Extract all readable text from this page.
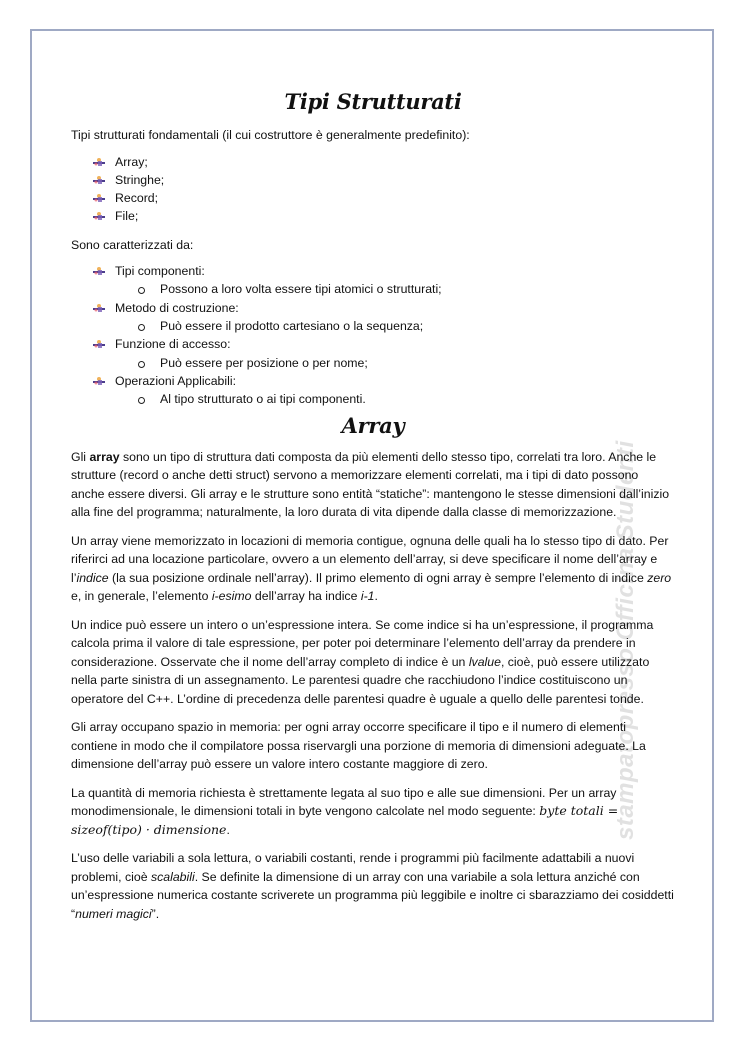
stampatopresso Officina Studenti
Tipi Strutturati

Tipi strutturati fondamentali (il cui costruttore è generalmente predefinito):

Array;
Stringhe;
Record;
File;

Sono caratterizzati da:

Tipi componenti:
Possono a loro volta essere tipi atomici o strutturati;
Metodo di costruzione:
Può essere il prodotto cartesiano o la sequenza;
Funzione di accesso:
Può essere per posizione o per nome;
Operazioni Applicabili:
Al tipo strutturato o ai tipi componenti.
Array

Gli array sono un tipo di struttura dati composta da più elementi dello stesso tipo, correlati tra loro. Anche le strutture (record o anche detti struct) servono a memorizzare elementi correlati, ma i tipi di dato possono anche essere diversi. Gli array e le strutture sono entità “statiche”: mantengono le stesse dimensioni dall’inizio alla fine del programma; naturalmente, la loro durata di vita dipende dalla classe di memorizzazione.

Un array viene memorizzato in locazioni di memoria contigue, ognuna delle quali ha lo stesso tipo di dato. Per riferirci ad una locazione particolare, ovvero a un elemento dell’array, si deve specificare il nome dell’array e l’indice (la sua posizione ordinale nell’array). Il primo elemento di ogni array è sempre l’elemento di indice zero e, in generale, l’elemento i-esimo dell’array ha indice i-1.

Un indice può essere un intero o un’espressione intera. Se come indice si ha un’espressione, il programma calcola prima il valore di tale espressione, per poter poi determinare l’elemento dell’array da prendere in considerazione. Osservate che il nome dell’array completo di indice è un lvalue, cioè, può essere utilizzato nella parte sinistra di un assegnamento. Le parentesi quadre che racchiudono l’indice costituiscono un operatore del C++. L’ordine di precedenza delle parentesi quadre è uguale a quello delle parentesi tonde.

Gli array occupano spazio in memoria: per ogni array occorre specificare il tipo e il numero di elementi contiene in modo che il compilatore possa riservargli una porzione di memoria di dimensioni adeguate. La dimensione dell’array può essere un valore intero costante maggiore di zero.

La quantità di memoria richiesta è strettamente legata al suo tipo e alle sue dimensioni. Per un array monodimensionale, le dimensioni totali in byte vengono calcolate nel modo seguente: byte totali = sizeof(tipo) · dimensione.

L’uso delle variabili a sola lettura, o variabili costanti, rende i programmi più facilmente adattabili a nuovi problemi, cioè scalabili. Se definite la dimensione di un array con una variabile a sola lettura anziché con un’espressione numerica costante scriverete un programma più leggibile e inoltre ci sbarazziamo dei cosiddetti “numeri magici”.
